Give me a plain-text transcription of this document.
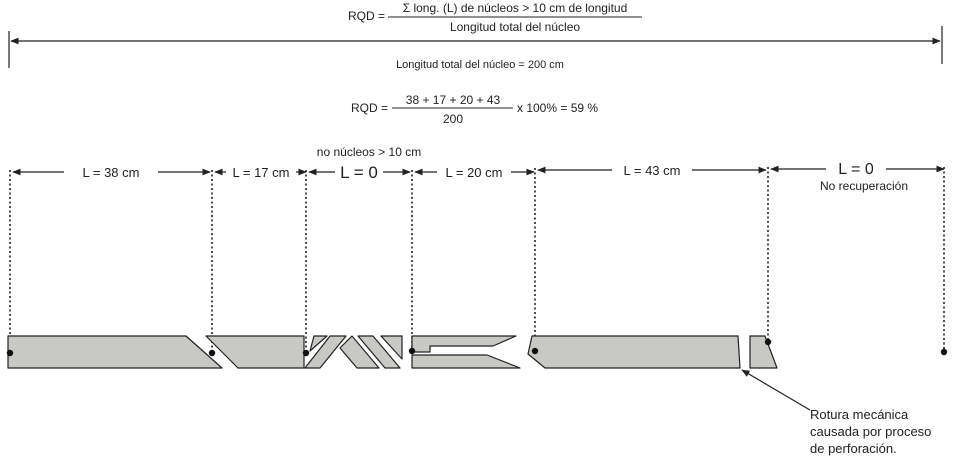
RQD =
Σ long. (L) de núcleos > 10 cm de longitud
Longitud total del núcleo
Longitud total del núcleo = 200 cm
RQD =
38 + 17 + 20 + 43
200
x 100% = 59 %
no núcleos > 10 cm
L = 38 cm	L = 17 cm	L = 0	L = 20 cm	L = 43 cm	L = 0
No recuperación
Rotura mecánica
causada por proceso
de perforación.
